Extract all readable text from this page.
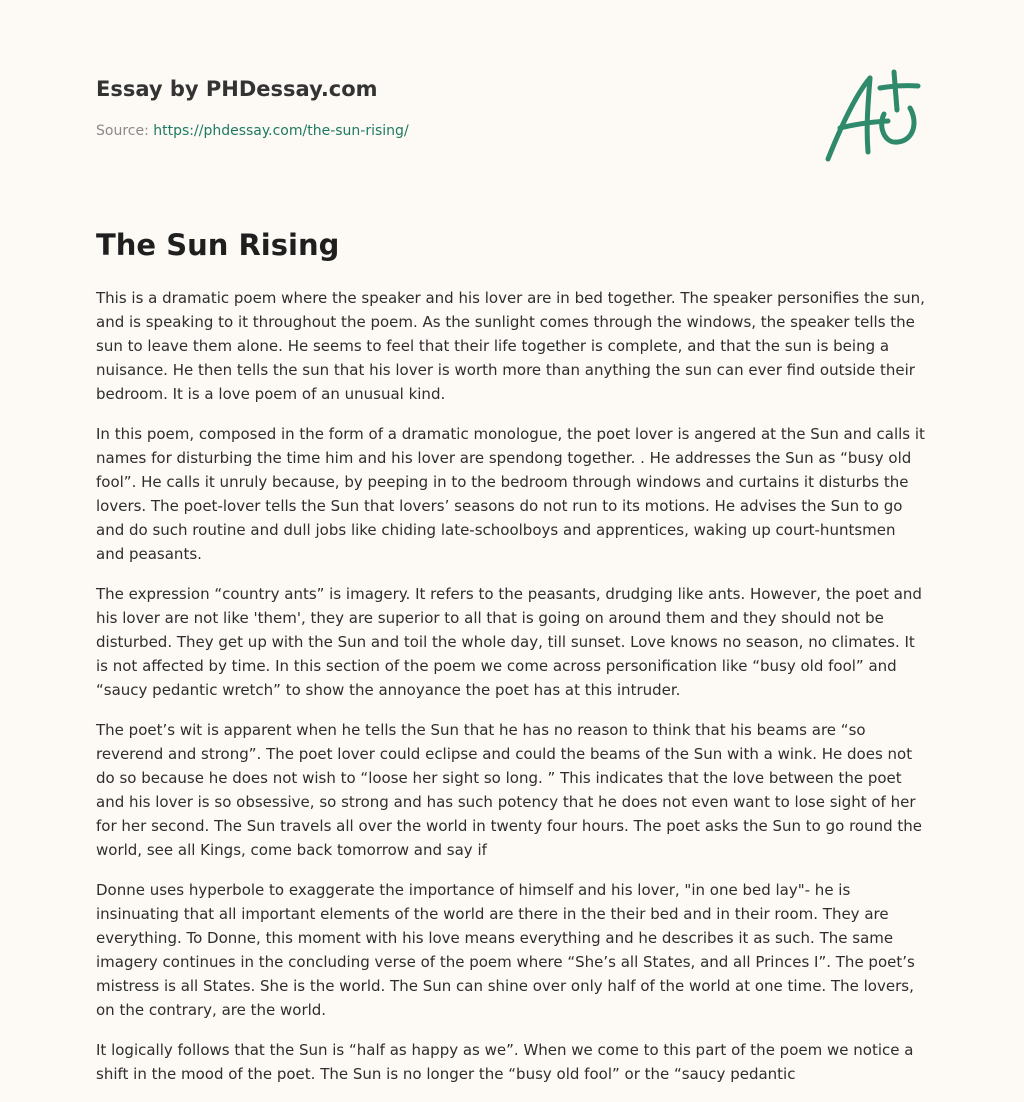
Essay by PHDessay.com
Source: https://phdessay.com/the-sun-rising/
The Sun Rising

This is a dramatic poem where the speaker and his lover are in bed together. The speaker personifies the sun, and is speaking to it throughout the poem. As the sunlight comes through the windows, the speaker tells the sun to leave them alone. He seems to feel that their life together is complete, and that the sun is being a nuisance. He then tells the sun that his lover is worth more than anything the sun can ever find outside their bedroom. It is a love poem of an unusual kind.

In this poem, composed in the form of a dramatic monologue, the poet lover is angered at the Sun and calls it names for disturbing the time him and his lover are spendong together. . He addresses the Sun as “busy old fool”. He calls it unruly because, by peeping in to the bedroom through windows and curtains it disturbs the lovers. The poet-lover tells the Sun that lovers’ seasons do not run to its motions. He advises the Sun to go and do such routine and dull jobs like chiding late-schoolboys and apprentices, waking up court-huntsmen and peasants.

The expression “country ants” is imagery. It refers to the peasants, drudging like ants. However, the poet and his lover are not like 'them', they are superior to all that is going on around them and they should not be disturbed. They get up with the Sun and toil the whole day, till sunset. Love knows no season, no climates. It is not affected by time. In this section of the poem we come across personification like “busy old fool” and “saucy pedantic wretch” to show the annoyance the poet has at this intruder.

The poet’s wit is apparent when he tells the Sun that he has no reason to think that his beams are “so reverend and strong”. The poet lover could eclipse and could the beams of the Sun with a wink. He does not do so because he does not wish to “loose her sight so long. ” This indicates that the love between the poet and his lover is so obsessive, so strong and has such potency that he does not even want to lose sight of her for her second. The Sun travels all over the world in twenty four hours. The poet asks the Sun to go round the world, see all Kings, come back tomorrow and say if

Donne uses hyperbole to exaggerate the importance of himself and his lover, "in one bed lay"- he is insinuating that all important elements of the world are there in the their bed and in their room. They are everything. To Donne, this moment with his love means everything and he describes it as such. The same imagery continues in the concluding verse of the poem where “She’s all States, and all Princes I”. The poet’s mistress is all States. She is the world. The Sun can shine over only half of the world at one time. The lovers, on the contrary, are the world.

It logically follows that the Sun is “half as happy as we”. When we come to this part of the poem we notice a shift in the mood of the poet. The Sun is no longer the “busy old fool” or the “saucy pedantic
